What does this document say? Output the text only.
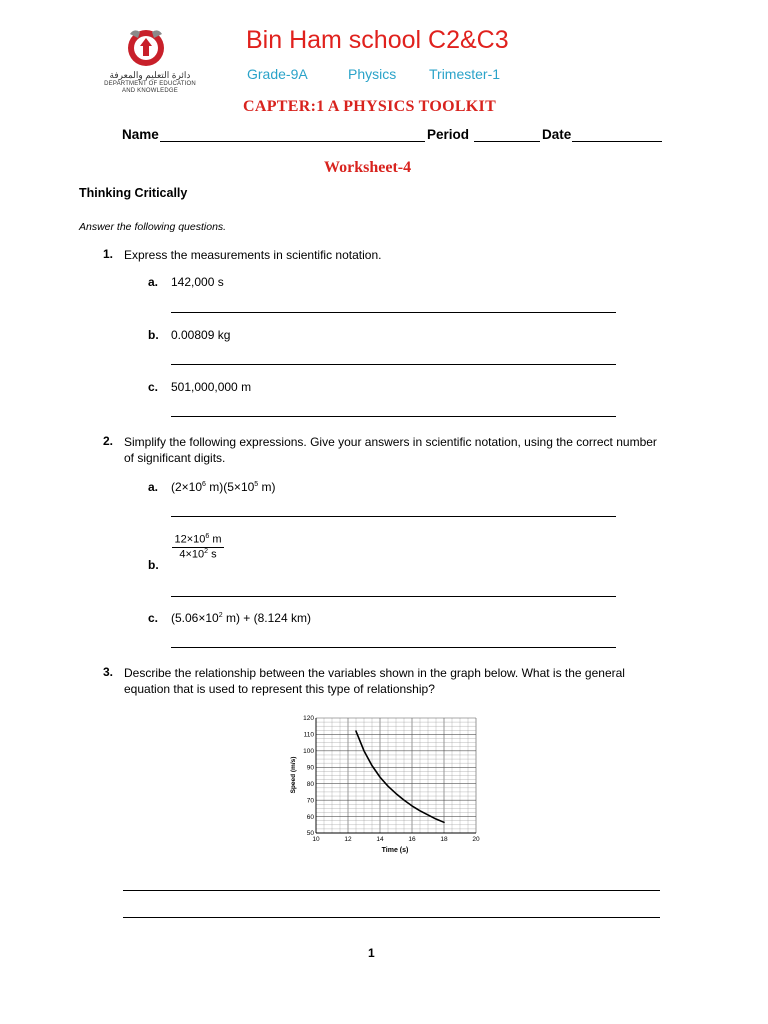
دائرة التعليم والمعرفة
DEPARTMENT OF EDUCATION
AND KNOWLEDGE
Bin Ham school C2&C3
Grade-9A	Physics Trimester-1
CAPTER:1 A PHYSICS TOOLKIT
Name	Period	Date
Worksheet-4
Thinking Critically
Answer the following questions.
1. Express the measurements in scientific notation.
a. 142,000 s
b. 0.00809 kg
c. 501,000,000 m
2. Simplify the following expressions. Give your answers in scientific notation, using the correct number of significant digits.
a. ($2\times 10^6$ $m)(5\times 10^5$ m)
$\frac{12\times 10^6 m}{4\times 10^2 s}$
b.
c. ($5.06\times 10^2$ m) + (8.124 km)
3. Describe the relationship between the variables shown in the graph below. What is the general equation that is used to represent this type of relationship?
10	12	14	16	18	20
50
60
70
80
90
100
110
120
Time (s)
Speed (m/s)
1
